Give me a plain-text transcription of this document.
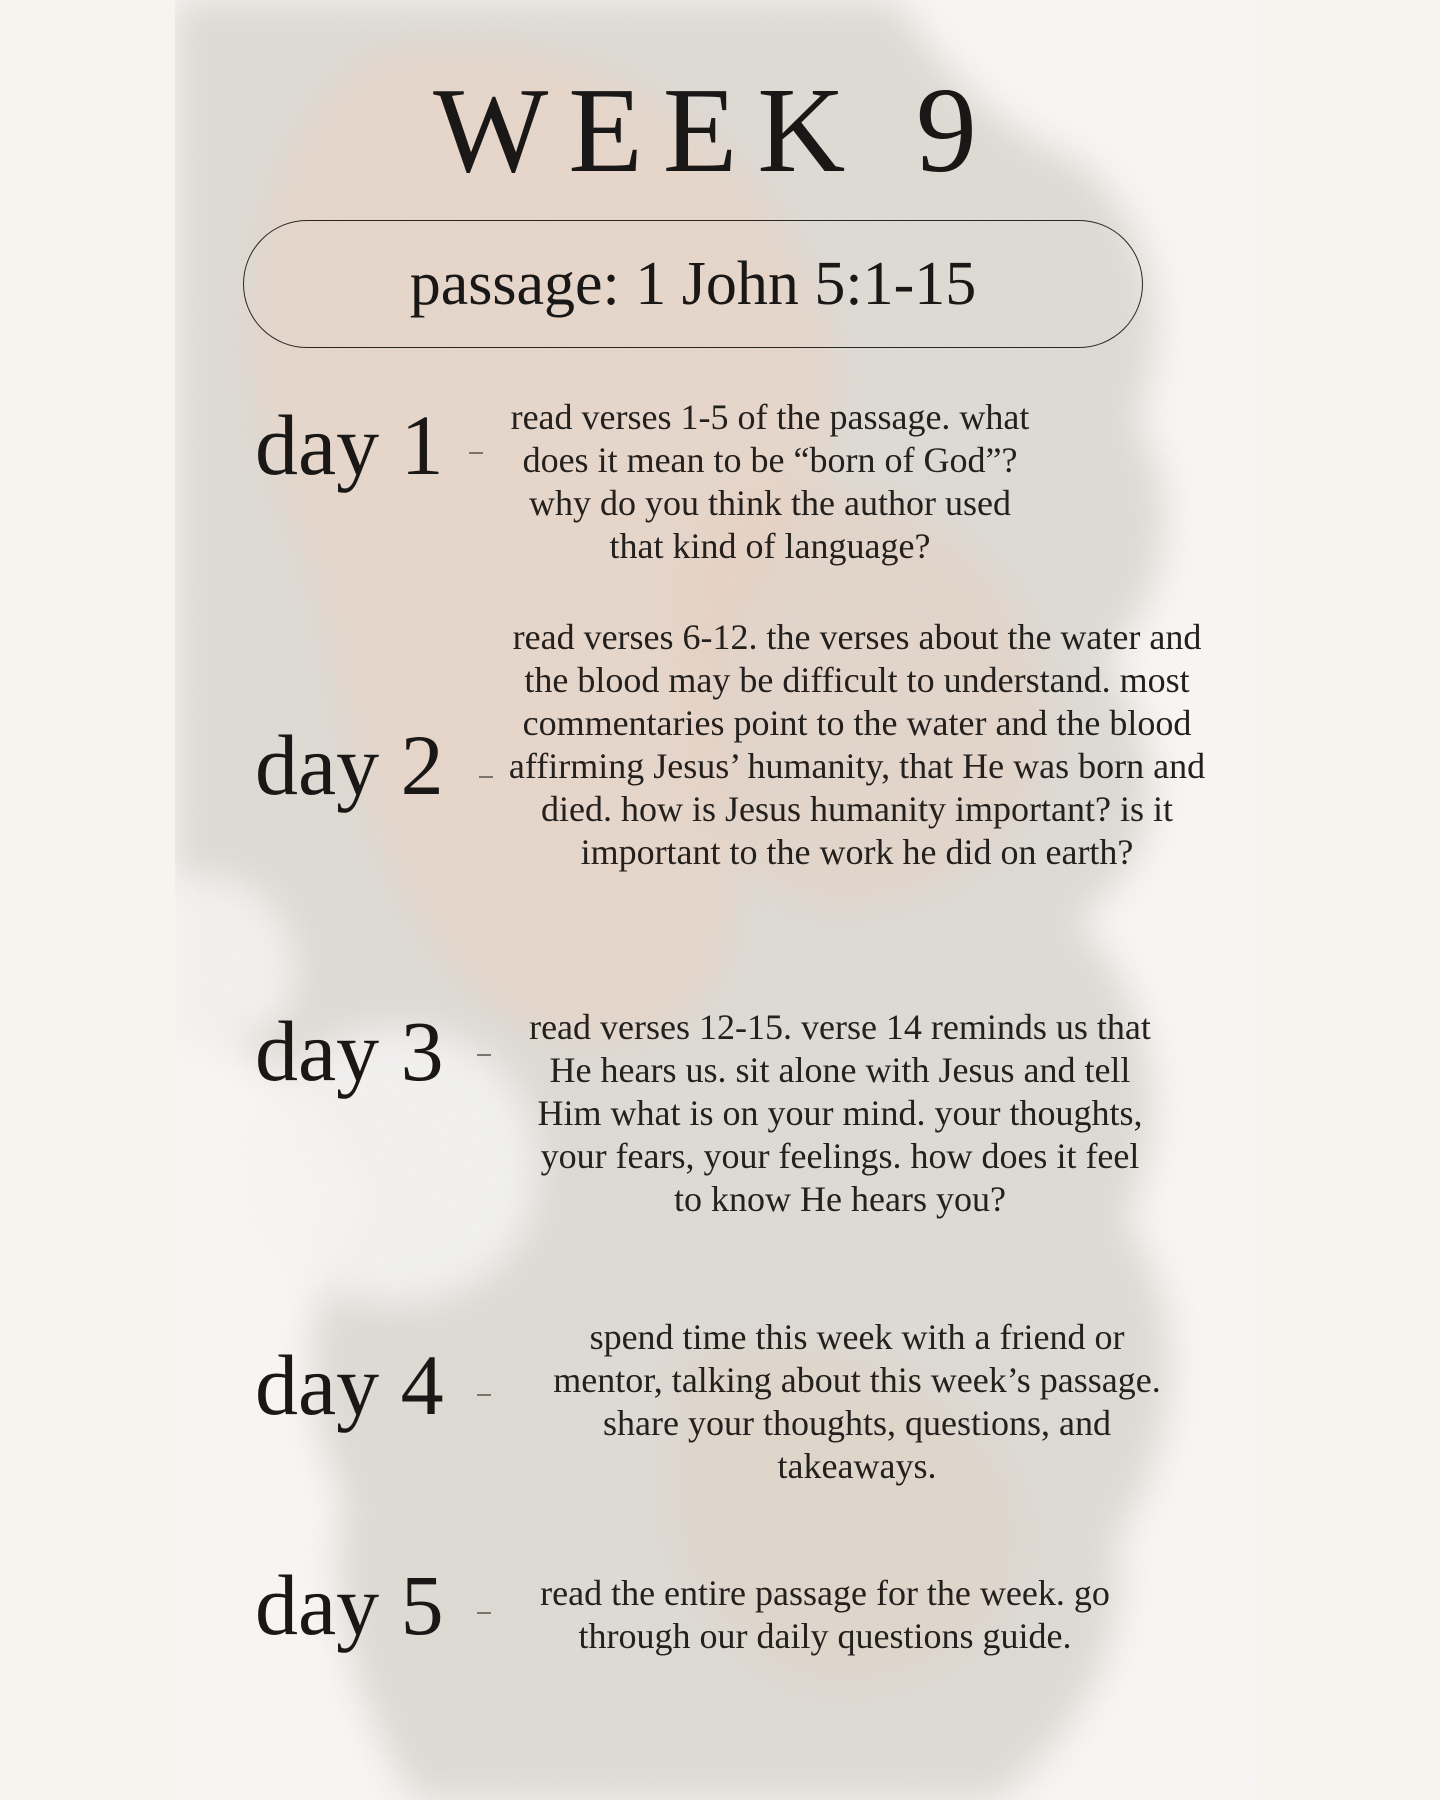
WEEK 9
passage: 1 John 5:1-15
day 1 read verses 1-5 of the passage. what does it mean to be “born of God”? why do you think the author used that kind of language?
day 2
read verses 6-12. the verses about the water and the blood may be difficult to understand. most commentaries point to the water and the blood affirming Jesus’ humanity, that He was born and died. how is Jesus humanity important? is it important to the work he did on earth?
day 3 read verses 12-15. verse 14 reminds us that He hears us. sit alone with Jesus and tell Him what is on your mind. your thoughts, your fears, your feelings. how does it feel to know He hears you?
day 4	spend time this week with a friend or mentor, talking about this week’s passage. share your thoughts, questions, and takeaways.
day 5	read the entire passage for the week. go through our daily questions guide.
